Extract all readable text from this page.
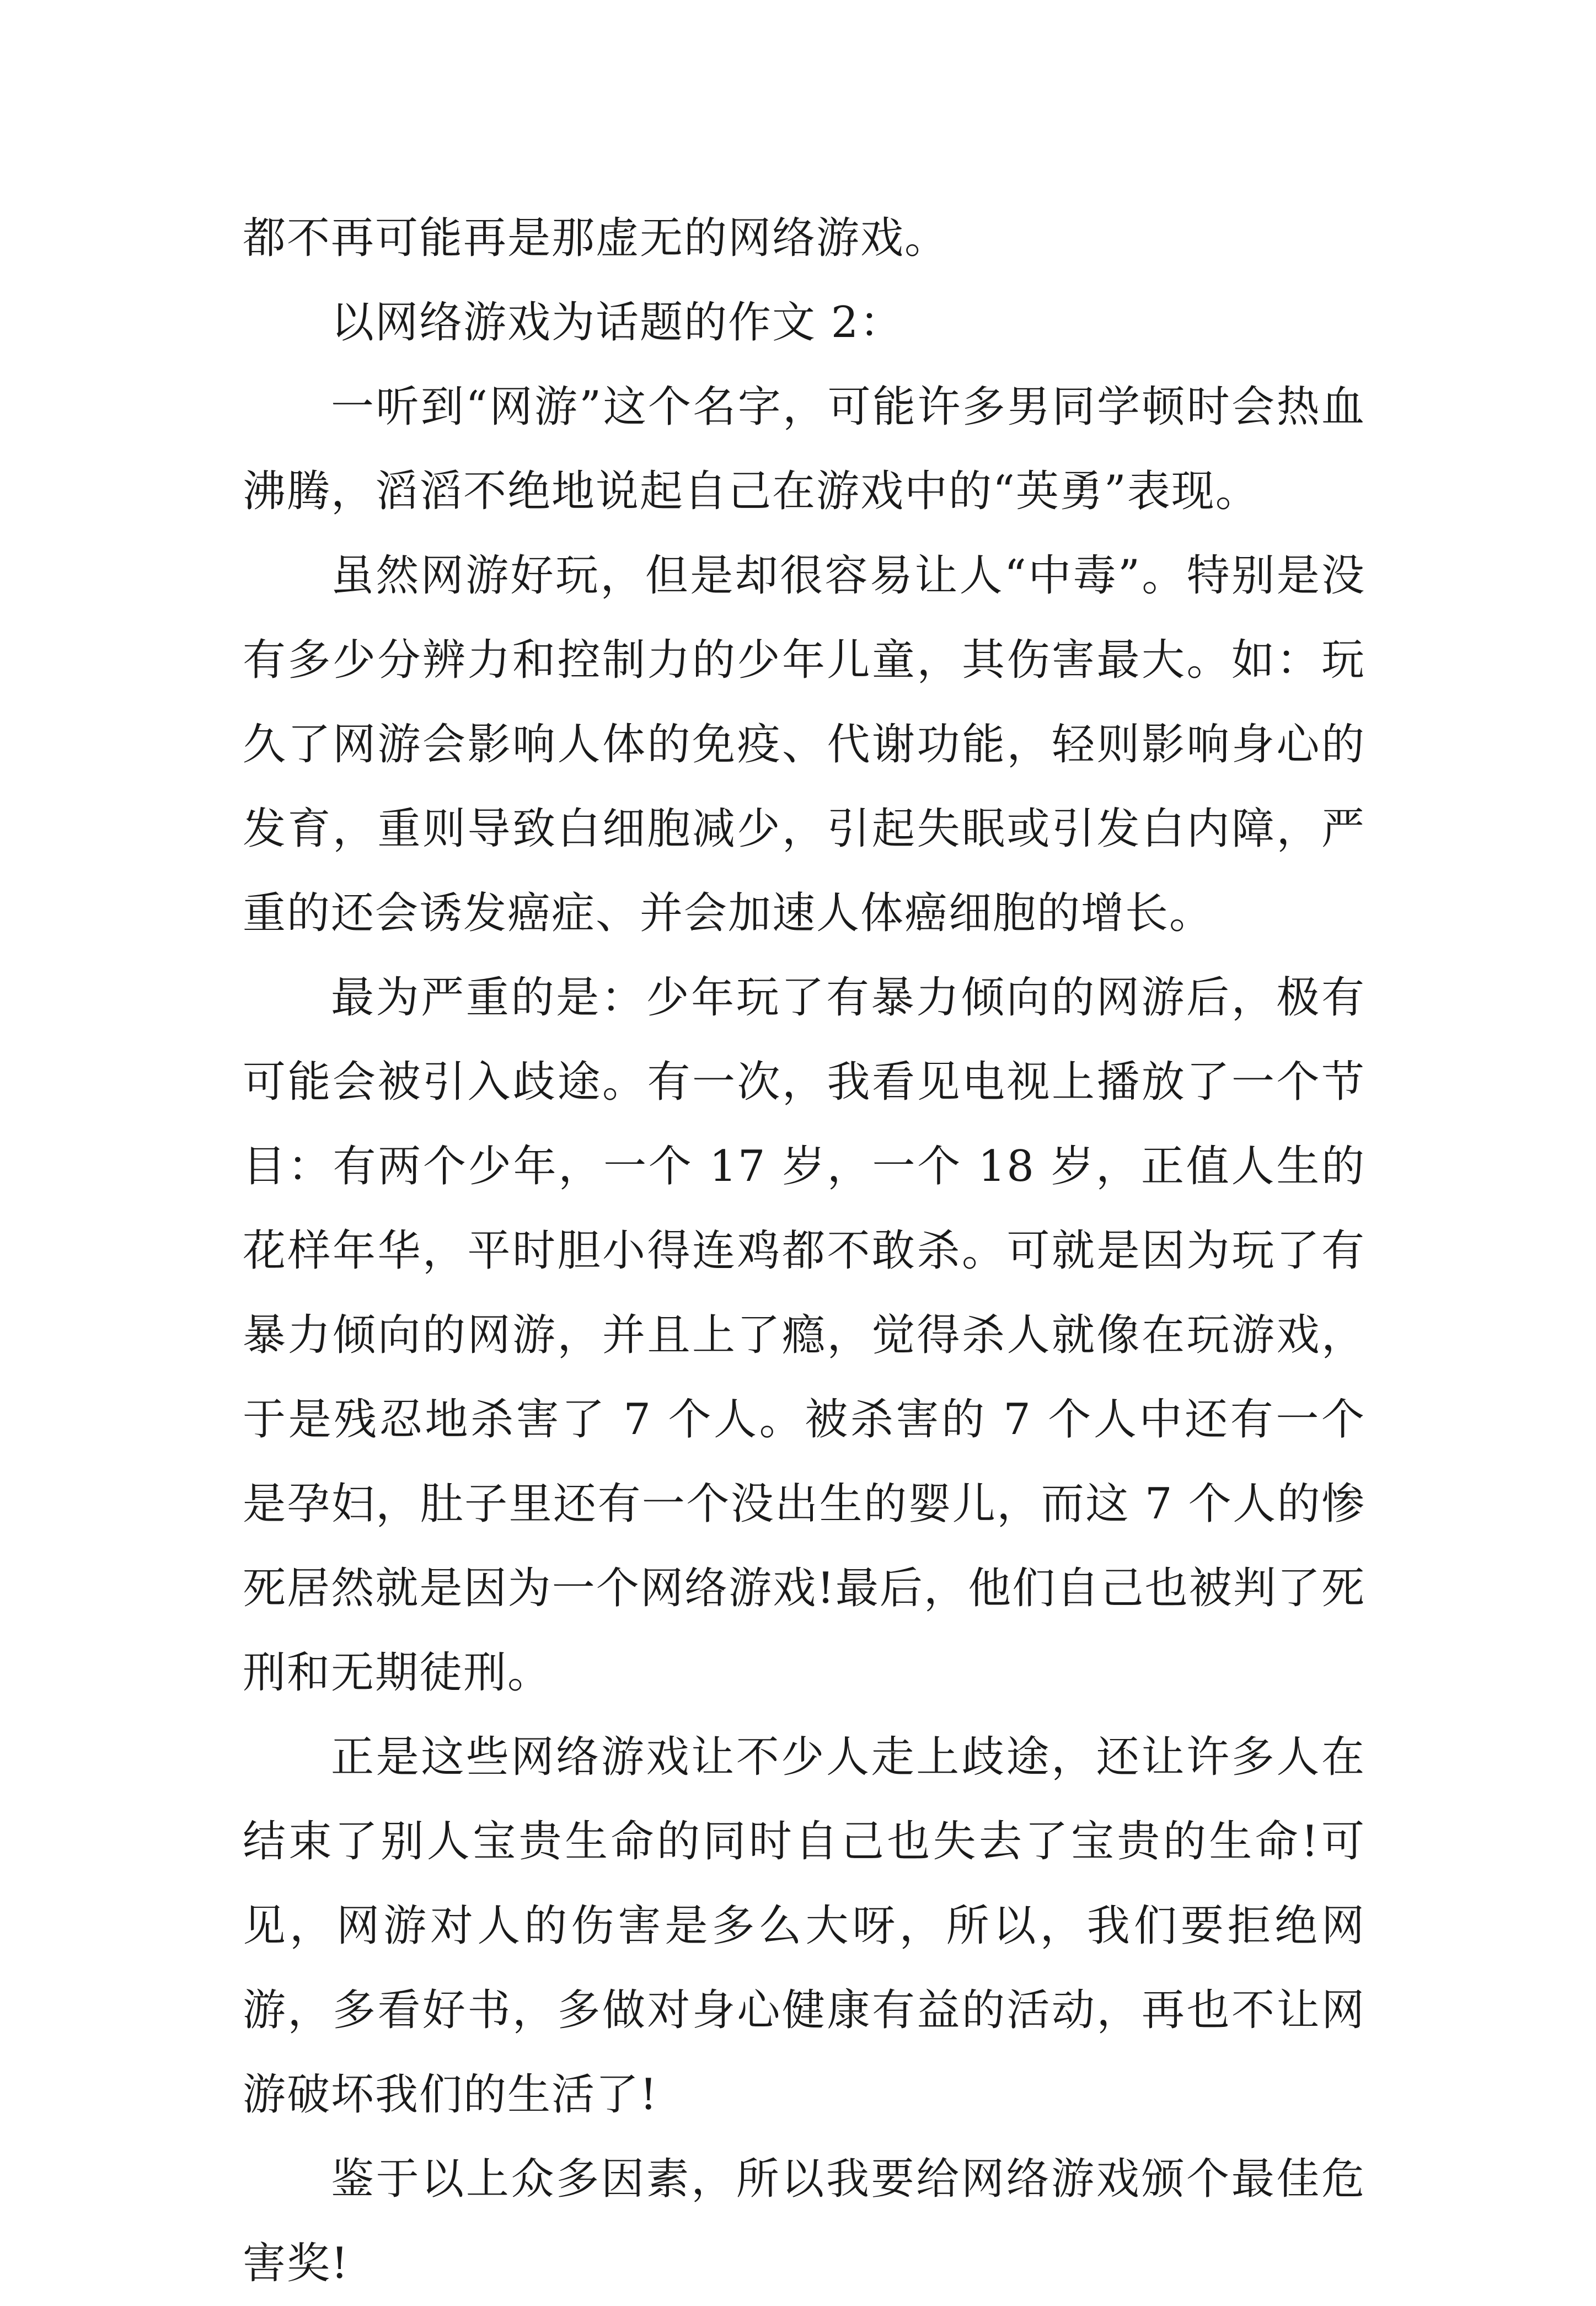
都不再可能再是那虚无的网络游戏。

以网络游戏为话题的作文 2：

一听到“网游”这个名字，可能许多男同学顿时会热血沸腾，滔滔不绝地说起自己在游戏中的“英勇”表现。

虽然网游好玩，但是却很容易让人“中毒”。特别是没有多少分辨力和控制力的少年儿童，其伤害最大。如：玩久了网游会影响人体的免疫、代谢功能，轻则影响身心的发育，重则导致白细胞减少，引起失眠或引发白内障，严重的还会诱发癌症、并会加速人体癌细胞的增长。

最为严重的是：少年玩了有暴力倾向的网游后，极有可能会被引入歧途。有一次，我看见电视上播放了一个节目：有两个少年，一个 17 岁，一个 18 岁，正值人生的花样年华，平时胆小得连鸡都不敢杀。可就是因为玩了有暴力倾向的网游，并且上了瘾，觉得杀人就像在玩游戏，于是残忍地杀害了 7 个人。被杀害的 7 个人中还有一个是孕妇，肚子里还有一个没出生的婴儿，而这 7 个人的惨死居然就是因为一个网络游戏!最后，他们自己也被判了死刑和无期徒刑。

正是这些网络游戏让不少人走上歧途，还让许多人在结束了别人宝贵生命的同时自己也失去了宝贵的生命!可见，网游对人的伤害是多么大呀，所以，我们要拒绝网游，多看好书，多做对身心健康有益的活动，再也不让网游破坏我们的生活了!

鉴于以上众多因素，所以我要给网络游戏颁个最佳危害奖!
